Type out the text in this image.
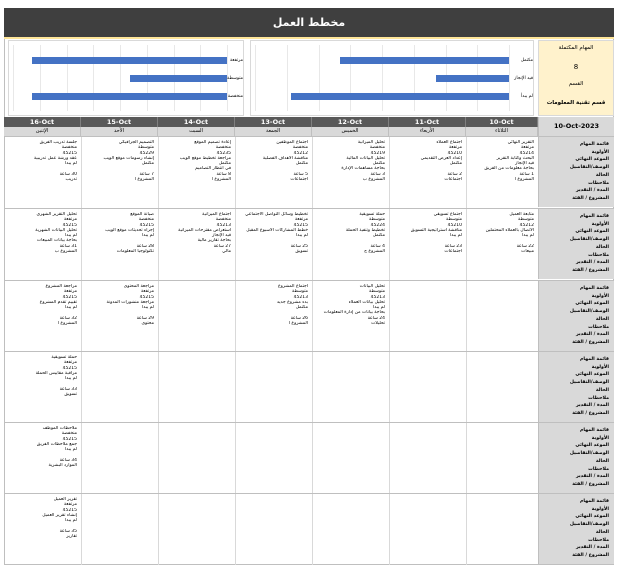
مخطط العمل
مرتفعة
متوسطة
منخفضة
مكتمل
قيد الإنجاز
لم يبدأ
المهام المكتملة
8
القسم
قسم تقنية المعلومات
10-Oct-2023
16-Oct
الإثنين
15-Oct
الأحد
14-Oct
السبت
13-Oct
الجمعة
12-Oct
الخميس
11-Oct
الأربعاء
10-Oct
الثلاثاء
قائمة المهام
الأولوية
الموعد النهائي
الوصف/التفاصيل
الحالة
ملاحظات
المدة / التقدير
المشروع / الفئة
جلسة تدريب الفريق
منخفضة
45215
عقد ورشة عمل تدريبية
لم يبدأ

30 ساعة
تدريب
التصميم الجرافيكي
متوسطة
45229
إنشاء رسومات موقع الويب
مكتمل

7 ساعة
المشروع أ
إعادة تصميم الموقع
منخفضة
45235
مراجعة تخطيط موقع الويب
مكتمل
في انتظار التصاميم
8 ساعة
المشروع أ
اجتماع الموظفين
منخفضة
45212
مناقشة الأهداف الفصلية
مكتمل

5 ساعة
اجتماعات
تحليل الميزانية
منخفضة
45219
تحليل البيانات المالية
مكتمل
بحاجة مساهمات الإدارة
3 ساعة
المشروع ب
اجتماع العملاء
مرتفعة
45210
إعداد العرض التقديمي
مكتمل

2 ساعة
اجتماعات
التقرير النهائي
مرتفعة
45214
البحث وكتابة التقرير
قيد الإنجاز
بحاجة معلومات من الفريق
1 ساعة
المشروع أ
قائمة المهام
الأولوية
الموعد النهائي
الوصف/التفاصيل
الحالة
ملاحظات
المدة / التقدير
المشروع / الفئة
تحليل التقرير الشهري
مرتفعة
45215
تحليل البيانات الشهرية
لم يبدأ
بحاجة بيانات المبيعات
31 ساعة
المشروع ب
صيانة الموقع
منخفضة
45215
إجراء تحديثات موقع الويب
لم يبدأ

28 ساعة
تكنولوجيا المعلومات
اجتماع الميزانية
منخفضة
45213
استعراض مقترحات الميزانية
قيد الإنجاز
بحاجة تقارير مالية
27 ساعة
مالي
تخطيط وسائل التواصل الاجتماعي
مرتفعة
45215
خطط المشاركات الأسبوع المقبل
لم يبدأ

25 ساعة
تسويق
حملة تسويقية
متوسطة
45224
تخطيط وتنفيذ الحملة
مكتمل

4 ساعة
المشروع ج
اجتماع تسويقي
متوسطة
45210
مناقشة استراتيجية التسويق
لم يبدأ

23 ساعة
اجتماعات
متابعة العميل
متوسطة
45212
الاتصال بالعملاء المحتملين
لم يبدأ

22 ساعة
مبيعات
قائمة المهام
الأولوية
الموعد النهائي
الوصف/التفاصيل
الحالة
ملاحظات
المدة / التقدير
المشروع / الفئة
مراجعة المشروع
مرتفعة
45215
تقييم تقدم المشروع
لم يبدأ

32 ساعة
المشروع أ
مراجعة المحتوى
مرتفعة
45215
مراجعة منشورات المدونة
لم يبدأ

29 ساعة
محتوى
اجتماع المشروع
متوسطة
45213
بدء مشروع جديد
مكتمل

26 ساعة
المشروع أ
تحليل البيانات
متوسطة
45213
تحليل بيانات العملاء
لم يبدأ
بحاجة بيانات من إدارة المعلومات
24 ساعة
تحليلات
قائمة المهام
الأولوية
الموعد النهائي
الوصف/التفاصيل
الحالة
ملاحظات
المدة / التقدير
المشروع / الفئة
حملة تسويقية
مرتفعة
45215
مراقبة مقاييس الحملة
لم يبدأ

33 ساعة
تسويق
قائمة المهام
الأولوية
الموعد النهائي
الوصف/التفاصيل
الحالة
ملاحظات
المدة / التقدير
المشروع / الفئة
ملاحظات الموظف
منخفضة
45215
جمع ملاحظات الفريق
لم يبدأ

34 ساعة
الموارد البشرية
قائمة المهام
الأولوية
الموعد النهائي
الوصف/التفاصيل
الحالة
ملاحظات
المدة / التقدير
المشروع / الفئة
تقرير العميل
مرتفعة
45215
إنشاء تقرير العميل
لم يبدأ

35 ساعة
تقارير
